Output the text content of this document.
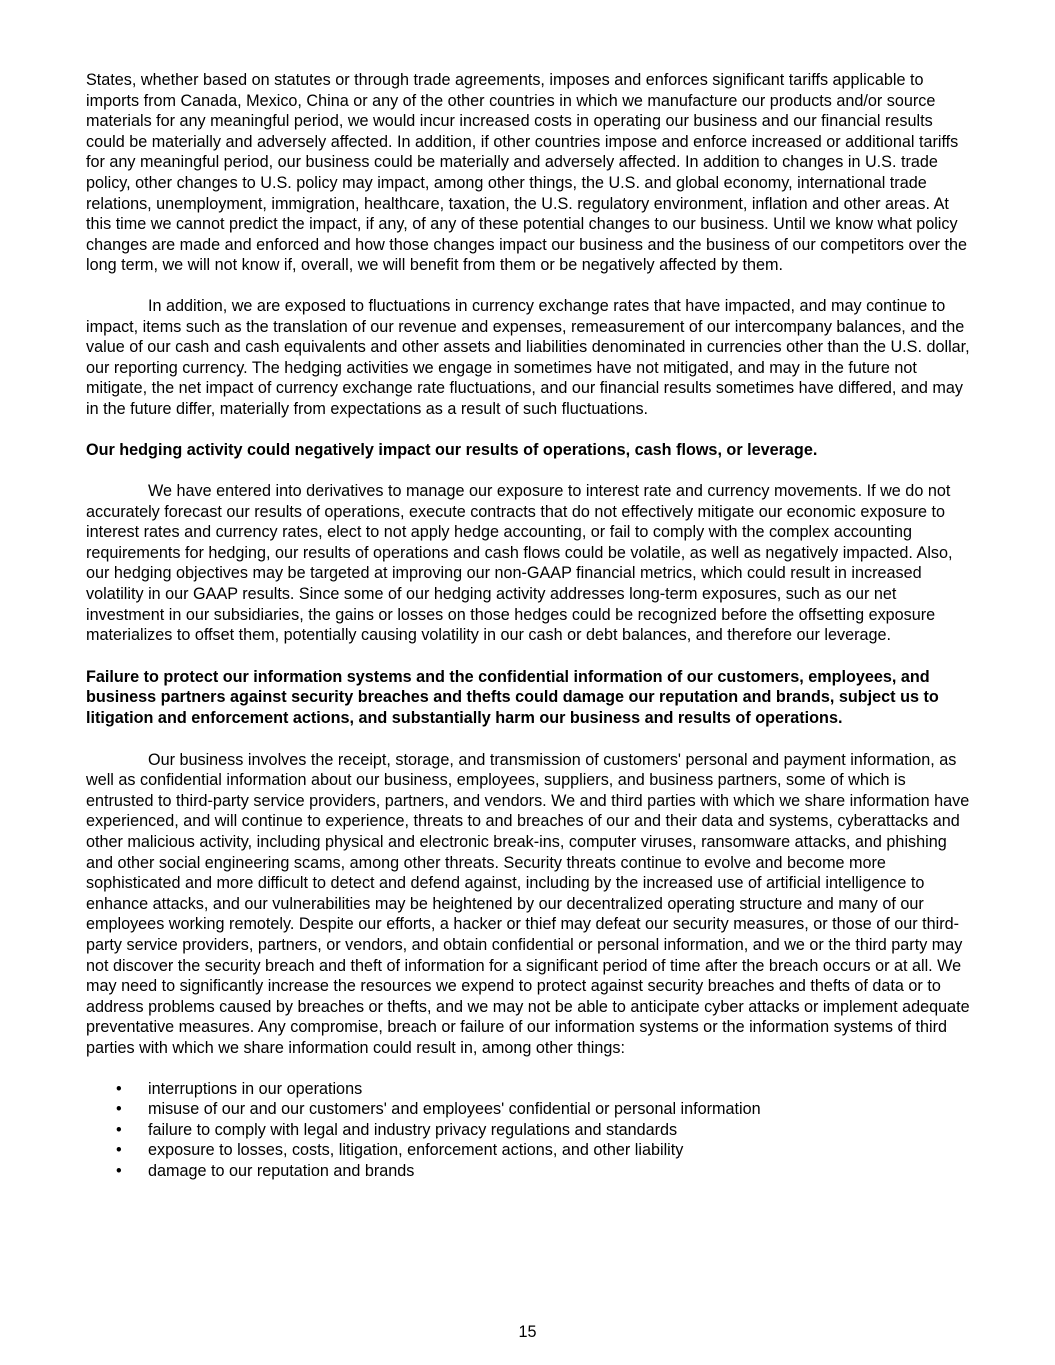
States, whether based on statutes or through trade agreements, imposes and enforces significant tariffs applicable to imports from Canada, Mexico, China or any of the other countries in which we manufacture our products and/or source materials for any meaningful period, we would incur increased costs in operating our business and our financial results could be materially and adversely affected. In addition, if other countries impose and enforce increased or additional tariffs for any meaningful period, our business could be materially and adversely affected. In addition to changes in U.S. trade policy, other changes to U.S. policy may impact, among other things, the U.S. and global economy, international trade relations, unemployment, immigration, healthcare, taxation, the U.S. regulatory environment, inflation and other areas. At this time we cannot predict the impact, if any, of any of these potential changes to our business. Until we know what policy changes are made and enforced and how those changes impact our business and the business of our competitors over the long term, we will not know if, overall, we will benefit from them or be negatively affected by them.

In addition, we are exposed to fluctuations in currency exchange rates that have impacted, and may continue to impact, items such as the translation of our revenue and expenses, remeasurement of our intercompany balances, and the value of our cash and cash equivalents and other assets and liabilities denominated in currencies other than the U.S. dollar, our reporting currency. The hedging activities we engage in sometimes have not mitigated, and may in the future not mitigate, the net impact of currency exchange rate fluctuations, and our financial results sometimes have differed, and may in the future differ, materially from expectations as a result of such fluctuations.

Our hedging activity could negatively impact our results of operations, cash flows, or leverage.

We have entered into derivatives to manage our exposure to interest rate and currency movements. If we do not accurately forecast our results of operations, execute contracts that do not effectively mitigate our economic exposure to interest rates and currency rates, elect to not apply hedge accounting, or fail to comply with the complex accounting requirements for hedging, our results of operations and cash flows could be volatile, as well as negatively impacted. Also, our hedging objectives may be targeted at improving our non-GAAP financial metrics, which could result in increased volatility in our GAAP results. Since some of our hedging activity addresses long-term exposures, such as our net investment in our subsidiaries, the gains or losses on those hedges could be recognized before the offsetting exposure materializes to offset them, potentially causing volatility in our cash or debt balances, and therefore our leverage.

Failure to protect our information systems and the confidential information of our customers, employees, and business partners against security breaches and thefts could damage our reputation and brands, subject us to litigation and enforcement actions, and substantially harm our business and results of operations.

Our business involves the receipt, storage, and transmission of customers' personal and payment information, as well as confidential information about our business, employees, suppliers, and business partners, some of which is entrusted to third-party service providers, partners, and vendors. We and third parties with which we share information have experienced, and will continue to experience, threats to and breaches of our and their data and systems, cyberattacks and other malicious activity, including physical and electronic break-ins, computer viruses, ransomware attacks, and phishing and other social engineering scams, among other threats. Security threats continue to evolve and become more sophisticated and more difficult to detect and defend against, including by the increased use of artificial intelligence to enhance attacks, and our vulnerabilities may be heightened by our decentralized operating structure and many of our employees working remotely. Despite our efforts, a hacker or thief may defeat our security measures, or those of our third-party service providers, partners, or vendors, and obtain confidential or personal information, and we or the third party may not discover the security breach and theft of information for a significant period of time after the breach occurs or at all. We may need to significantly increase the resources we expend to protect against security breaches and thefts of data or to address problems caused by breaches or thefts, and we may not be able to anticipate cyber attacks or implement adequate preventative measures. Any compromise, breach or failure of our information systems or the information systems of third parties with which we share information could result in, among other things:

• interruptions in our operations
• misuse of our and our customers' and employees' confidential or personal information
• failure to comply with legal and industry privacy regulations and standards
• exposure to losses, costs, litigation, enforcement actions, and other liability
• damage to our reputation and brands
15
